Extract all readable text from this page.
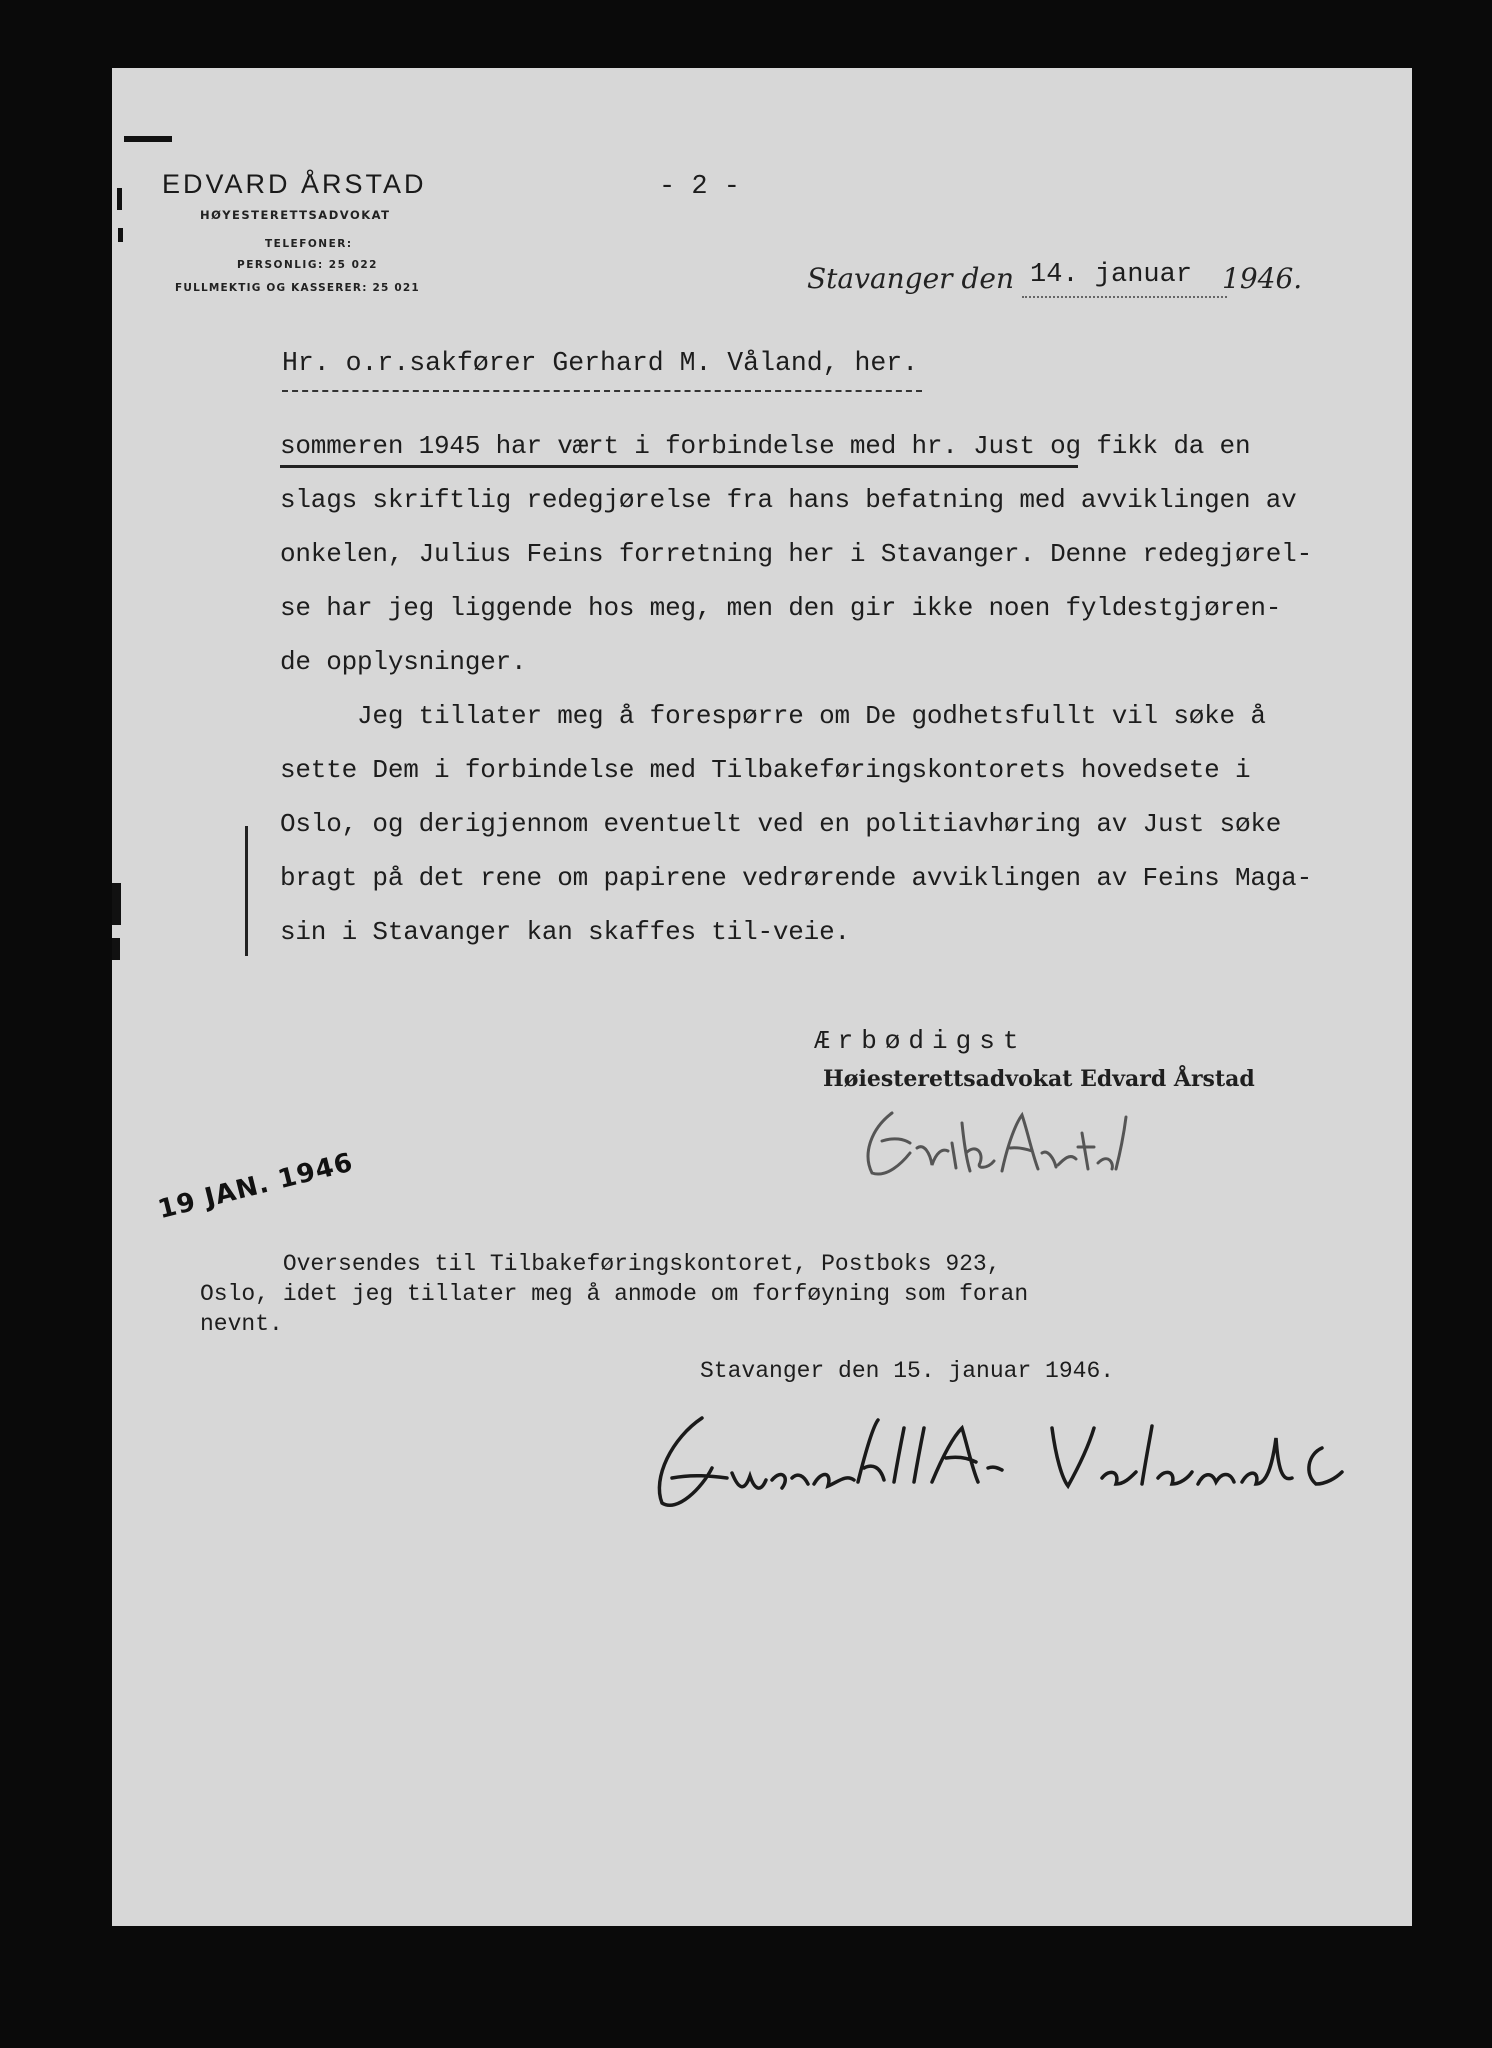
EDVARD ÅRSTAD
HØYESTERETTSADVOKAT
TELEFONER:
PERSONLIG: 25 022
FULLMEKTIG OG KASSERER: 25 021
- 2 -
Stavanger den 14. januar 1946.
Hr. o.r.sakfører Gerhard M. Våland, her.
sommeren 1945 har vært i forbindelse med hr. Just og fikk da en
slags skriftlig redegjørelse fra hans befatning med avviklingen av
onkelen, Julius Feins forretning her i Stavanger. Denne redegjørel-
se har jeg liggende hos meg, men den gir ikke noen fyldestgjøren-
de opplysninger.
Jeg tillater meg å forespørre om De godhetsfullt vil søke å
sette Dem i forbindelse med Tilbakeføringskontorets hovedsete i
Oslo, og derigjennom eventuelt ved en politiavhøring av Just søke
bragt på det rene om papirene vedrørende avviklingen av Feins Maga-
sin i Stavanger kan skaffes til-veie.
Ærbødigst
Høiesterettsadvokat Edvard Årstad
19 JAN. 1946
Oversendes til Tilbakeføringskontoret, Postboks 923,
Oslo, idet jeg tillater meg å anmode om forføyning som foran
nevnt.
Stavanger den 15. januar 1946.
